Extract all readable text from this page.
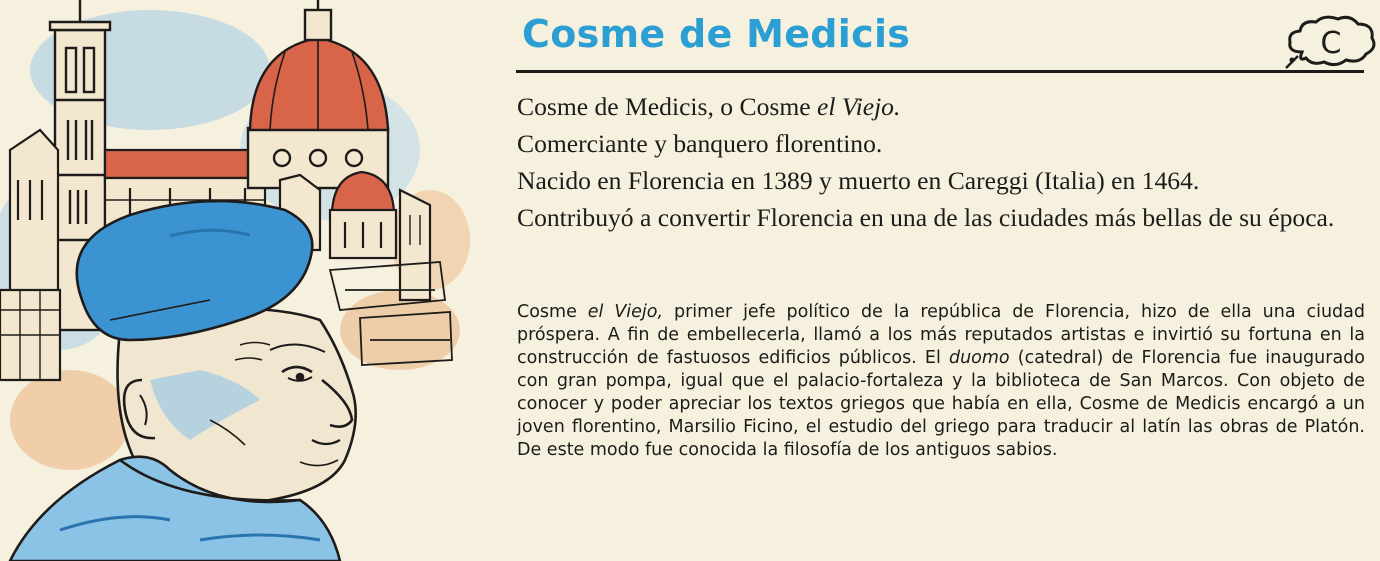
Cosme de Medicis	C

Cosme de Medicis, o Cosme el Viejo.

Comerciante y banquero florentino.

Nacido en Florencia en 1389 y muerto en Careggi (Italia) en 1464.

Contribuyó a convertir Florencia en una de las ciudades más bellas de su época.

Cosme el Viejo, primer jefe político de la república de Florencia, hizo de ella una ciudad próspera. A fin de embellecerla, llamó a los más reputados artistas e invirtió su fortuna en la construcción de fastuosos edificios públicos. El duomo (catedral) de Florencia fue inaugurado con gran pompa, igual que el palacio-fortaleza y la biblioteca de San Marcos. Con objeto de conocer y poder apreciar los textos griegos que había en ella, Cosme de Medicis encargó a un joven florentino, Marsilio Ficino, el estudio del griego para traducir al latín las obras de Platón. De este modo fue conocida la filosofía de los antiguos sabios.
